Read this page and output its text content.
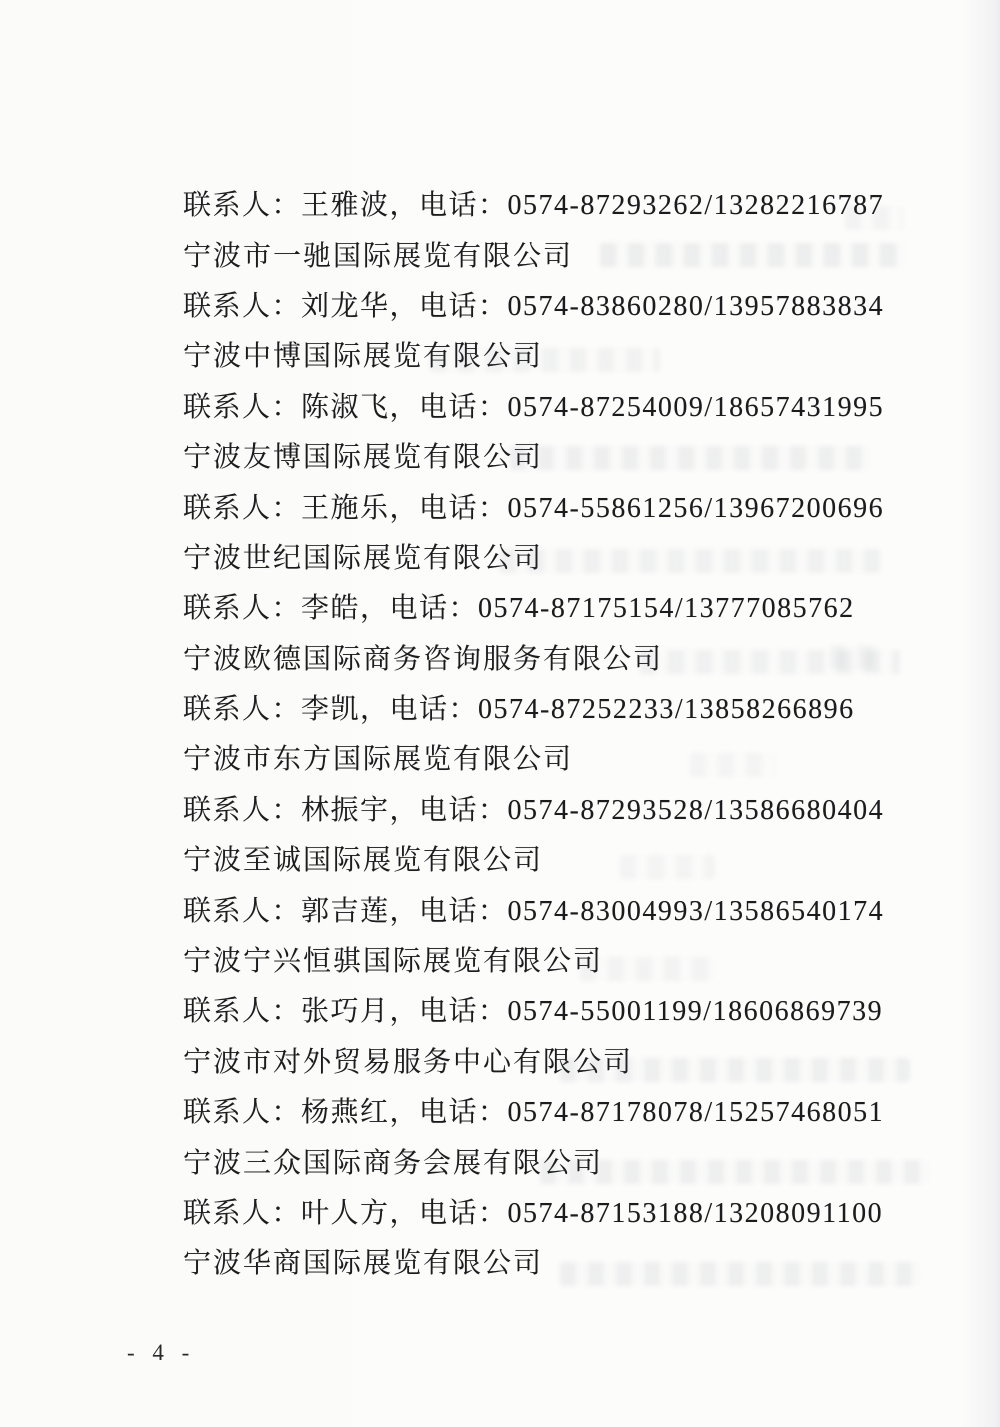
联系人：王雅波，电话：0574-87293262/13282216787
宁波市一驰国际展览有限公司
联系人：刘龙华，电话：0574-83860280/13957883834
宁波中博国际展览有限公司
联系人：陈淑飞，电话：0574-87254009/18657431995
宁波友博国际展览有限公司
联系人：王施乐，电话：0574-55861256/13967200696
宁波世纪国际展览有限公司
联系人：李皓，电话：0574-87175154/13777085762
宁波欧德国际商务咨询服务有限公司
联系人：李凯，电话：0574-87252233/13858266896
宁波市东方国际展览有限公司
联系人：林振宇，电话：0574-87293528/13586680404
宁波至诚国际展览有限公司
联系人：郭吉莲，电话：0574-83004993/13586540174
宁波宁兴恒骐国际展览有限公司
联系人：张巧月，电话：0574-55001199/18606869739
宁波市对外贸易服务中心有限公司
联系人：杨燕红，电话：0574-87178078/15257468051
宁波三众国际商务会展有限公司
联系人：叶人方，电话：0574-87153188/13208091100
宁波华商国际展览有限公司
- 4 -
